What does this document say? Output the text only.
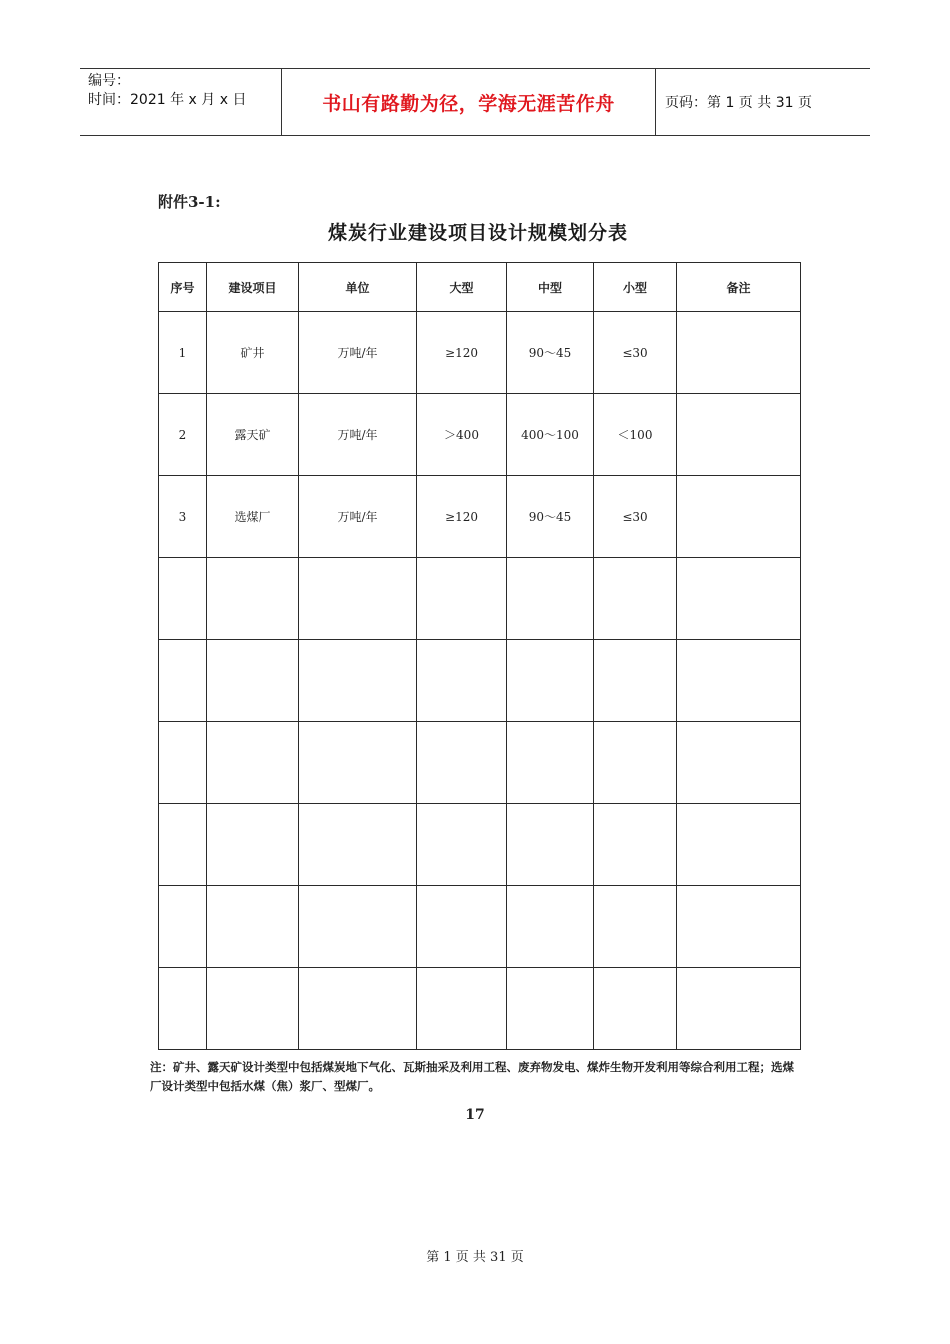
编号：
时间：2021 年 x 月 x 日	书山有路勤为径，学海无涯苦作舟	页码：第 1 页 共 31 页
附件3-1:
煤炭行业建设项目设计规模划分表
序号	建设项目	单位	大型	中型	小型	备注
1	矿井	万吨/年	≥120	90～45	≤30	
2	露天矿	万吨/年	＞400	400～100	＜100	
3	选煤厂	万吨/年	≥120	90～45	≤30	

注：矿井、露天矿设计类型中包括煤炭地下气化、瓦斯抽采及利用工程、废弃物发电、煤炸生物开发利用等综合利用工程；选煤厂设计类型中包括水煤（焦）浆厂、型煤厂。
17
第 1 页 共 31 页
